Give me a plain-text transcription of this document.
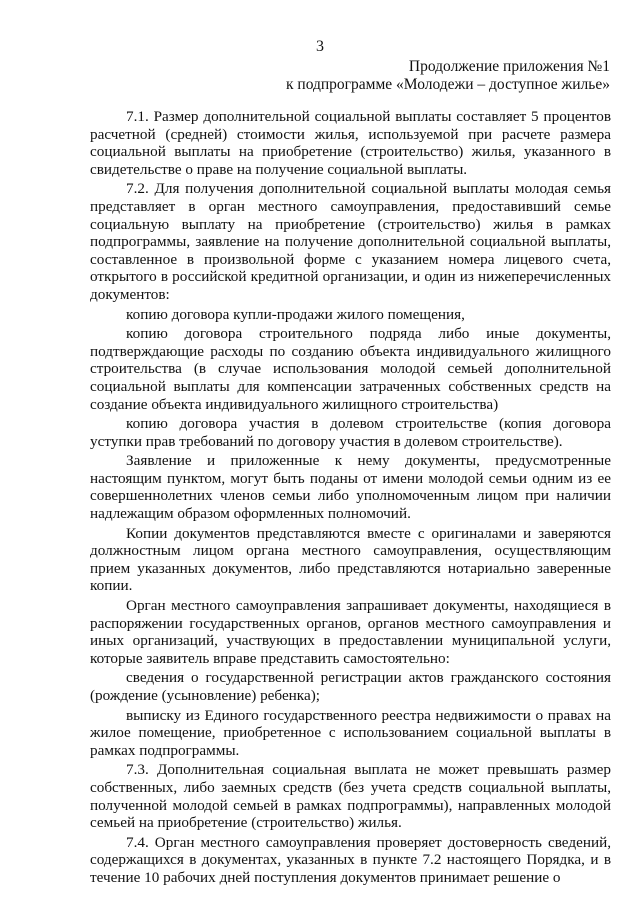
3
Продолжение приложения №1
к подпрограмме «Молодежи – доступное жилье»

7.1. Размер дополнительной социальной выплаты составляет 5 процентов расчетной (средней) стоимости жилья, используемой при расчете размера социальной выплаты на приобретение (строительство) жилья, указанного в свидетельстве о праве на получение социальной выплаты.

7.2. Для получения дополнительной социальной выплаты молодая семья представляет в орган местного самоуправления, предоставивший семье социальную выплату на приобретение (строительство) жилья в рамках подпрограммы, заявление на получение дополнительной социальной выплаты, составленное в произвольной форме с указанием номера лицевого счета, открытого в российской кредитной организации, и один из нижеперечисленных документов:

копию договора купли-продажи жилого помещения,

копию договора строительного подряда либо иные документы, подтверждающие расходы по созданию объекта индивидуального жилищного строительства (в случае использования молодой семьей дополнительной социальной выплаты для компенсации затраченных собственных средств на создание объекта индивидуального жилищного строительства)

копию договора участия в долевом строительстве (копия договора уступки прав требований по договору участия в долевом строительстве).

Заявление и приложенные к нему документы, предусмотренные настоящим пунктом, могут быть поданы от имени молодой семьи одним из ее совершеннолетних членов семьи либо уполномоченным лицом при наличии надлежащим образом оформленных полномочий.

Копии документов представляются вместе с оригиналами и заверяются должностным лицом органа местного самоуправления, осуществляющим прием указанных документов, либо представляются нотариально заверенные копии.

Орган местного самоуправления запрашивает документы, находящиеся в распоряжении государственных органов, органов местного самоуправления и иных организаций, участвующих в предоставлении муниципальной услуги, которые заявитель вправе представить самостоятельно:

сведения о государственной регистрации актов гражданского состояния (рождение (усыновление) ребенка);

выписку из Единого государственного реестра недвижимости о правах на жилое помещение, приобретенное с использованием социальной выплаты в рамках подпрограммы.

7.3. Дополнительная социальная выплата не может превышать размер собственных, либо заемных средств (без учета средств социальной выплаты, полученной молодой семьей в рамках подпрограммы), направленных молодой семьей на приобретение (строительство) жилья.

7.4. Орган местного самоуправления проверяет достоверность сведений, содержащихся в документах, указанных в пункте 7.2 настоящего Порядка, и в течение 10 рабочих дней поступления документов принимает решение о
